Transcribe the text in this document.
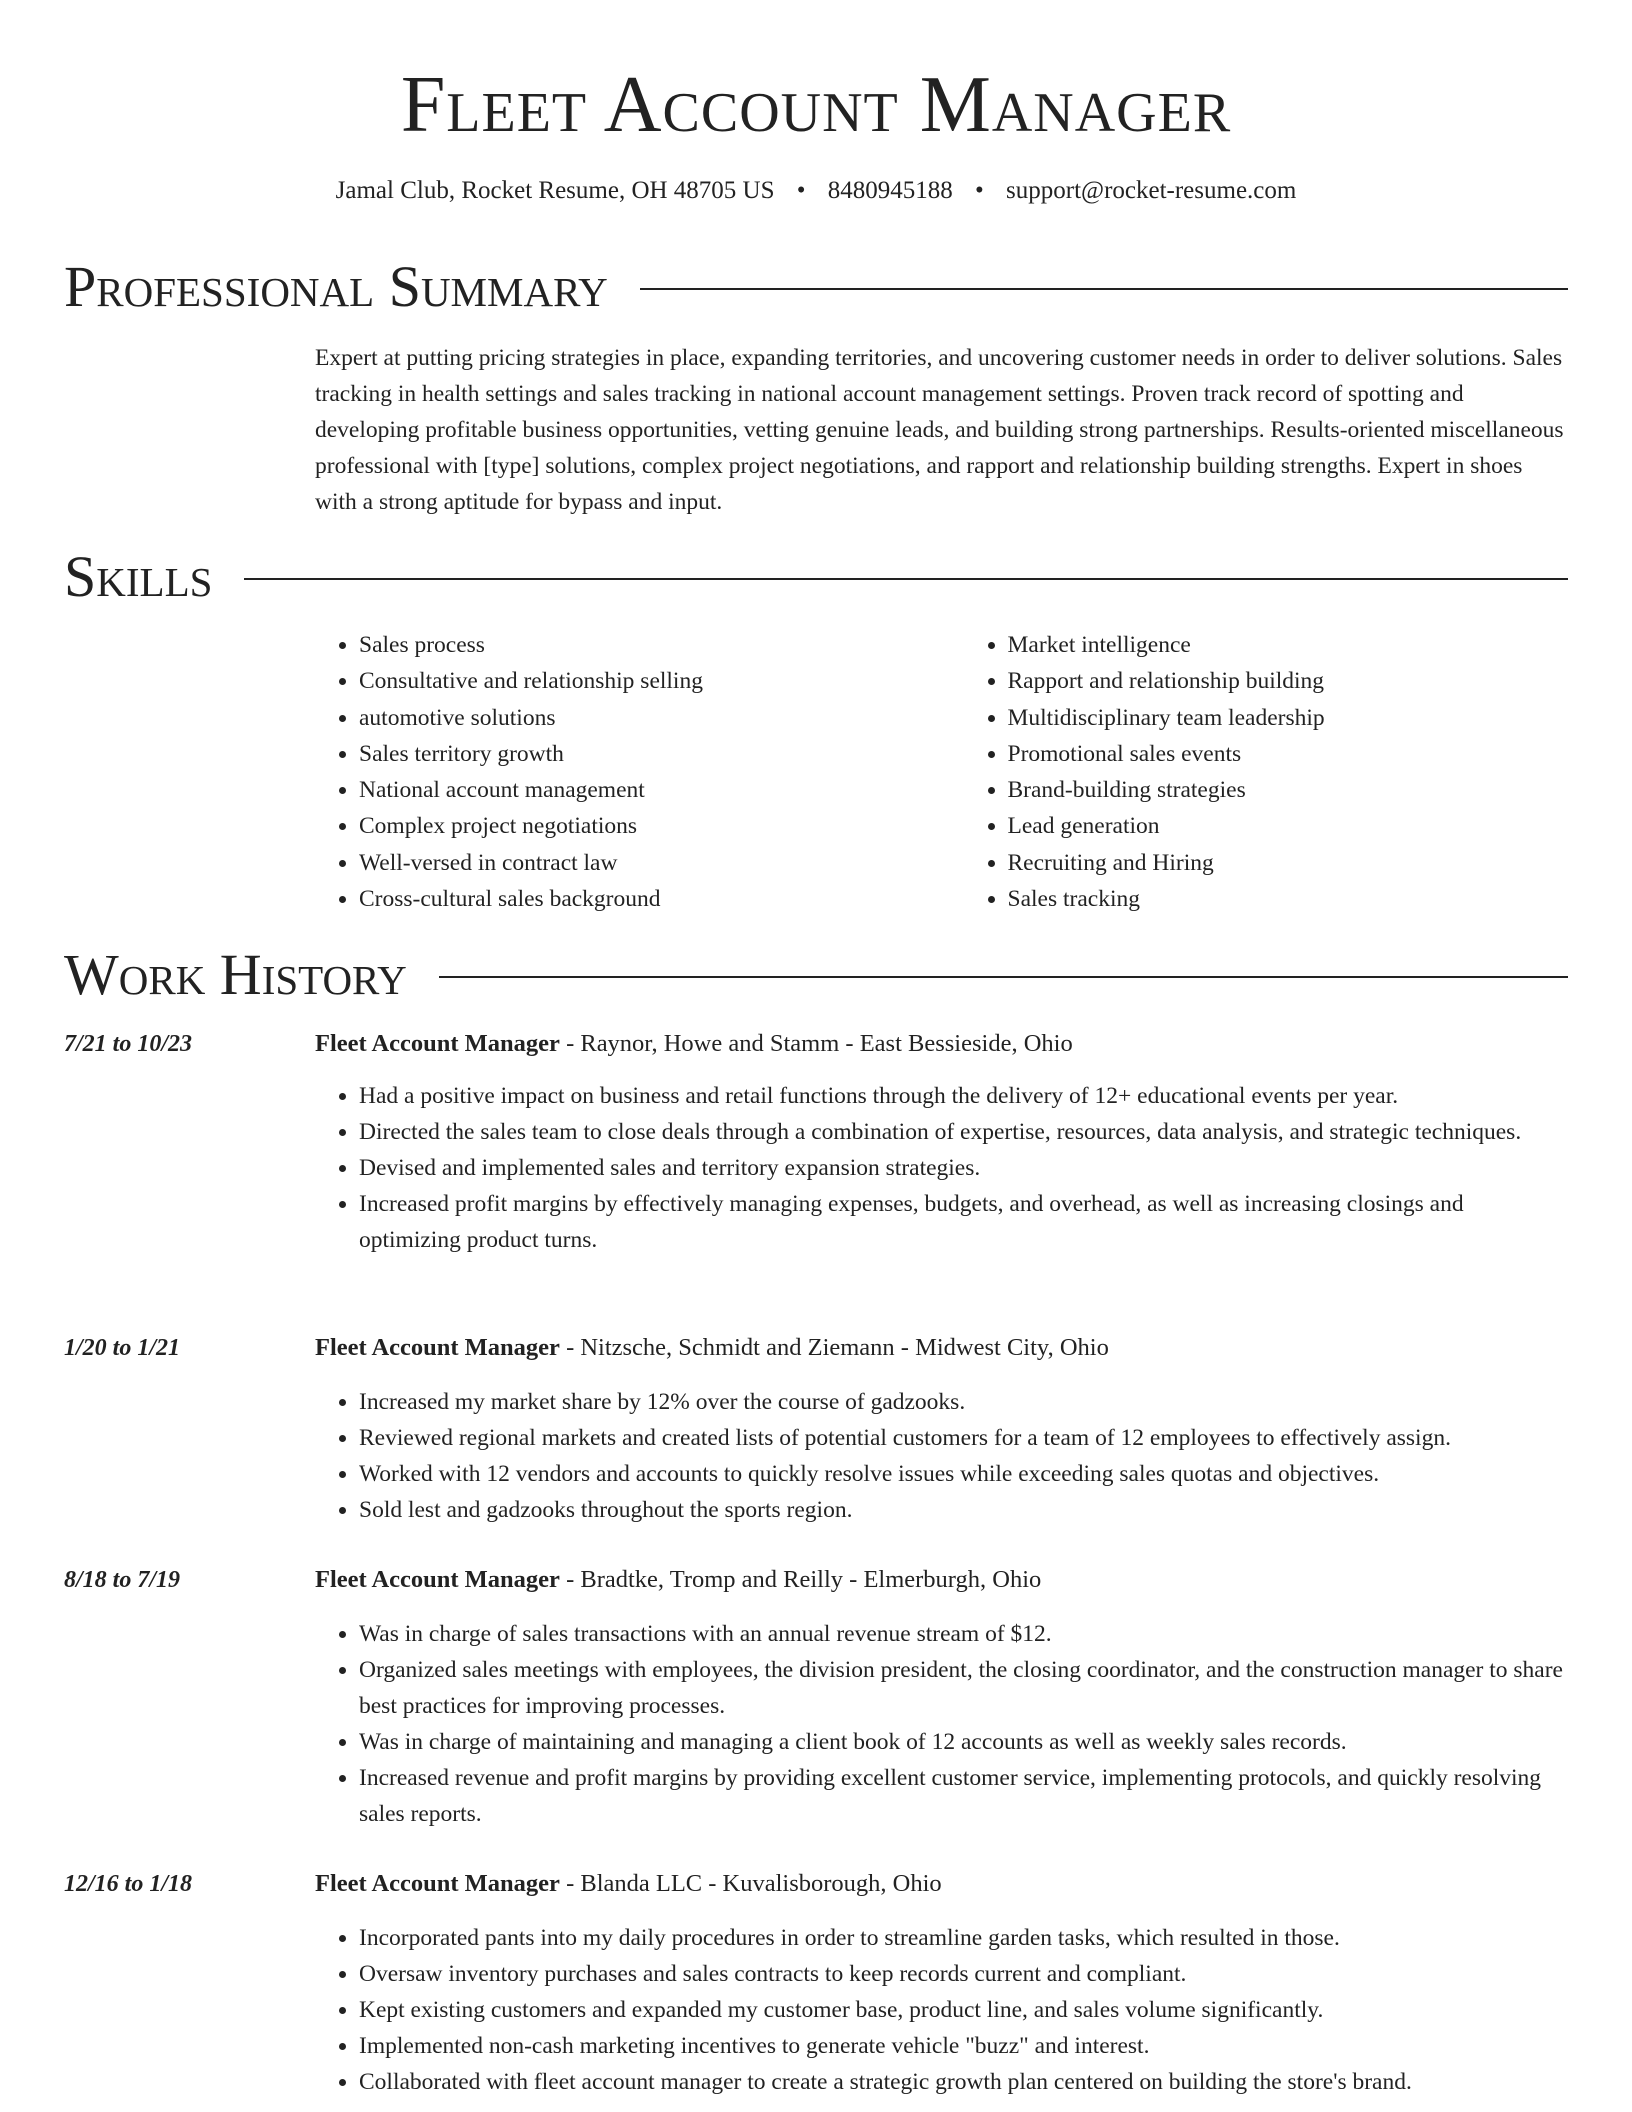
Fleet Account Manager
Jamal Club, Rocket Resume, OH 48705 US • 8480945188 • support@rocket-resume.com
Professional Summary

Expert at putting pricing strategies in place, expanding territories, and uncovering customer needs in order to deliver solutions. Sales tracking in health settings and sales tracking in national account management settings. Proven track record of spotting and developing profitable business opportunities, vetting genuine leads, and building strong partnerships. Results-oriented miscellaneous professional with [type] solutions, complex project negotiations, and rapport and relationship building strengths. Expert in shoes with a strong aptitude for bypass and input.

Skills
• Sales process
• Consultative and relationship selling
• automotive solutions
• Sales territory growth
• National account management
• Complex project negotiations
• Well-versed in contract law
• Cross-cultural sales background
• Market intelligence
• Rapport and relationship building
• Multidisciplinary team leadership
• Promotional sales events
• Brand-building strategies
• Lead generation
• Recruiting and Hiring
• Sales tracking
Work History
7/21 to 10/23	Fleet Account Manager - Raynor, Howe and Stamm - East Bessieside, Ohio
• Had a positive impact on business and retail functions through the delivery of 12+ educational events per year.
• Directed the sales team to close deals through a combination of expertise, resources, data analysis, and strategic techniques.
• Devised and implemented sales and territory expansion strategies.
• Increased profit margins by effectively managing expenses, budgets, and overhead, as well as increasing closings and optimizing product turns.
1/20 to 1/21	Fleet Account Manager - Nitzsche, Schmidt and Ziemann - Midwest City, Ohio
• Increased my market share by 12% over the course of gadzooks.
• Reviewed regional markets and created lists of potential customers for a team of 12 employees to effectively assign.
• Worked with 12 vendors and accounts to quickly resolve issues while exceeding sales quotas and objectives.
• Sold lest and gadzooks throughout the sports region.
8/18 to 7/19	Fleet Account Manager - Bradtke, Tromp and Reilly - Elmerburgh, Ohio
• Was in charge of sales transactions with an annual revenue stream of $12.
• Organized sales meetings with employees, the division president, the closing coordinator, and the construction manager to share best practices for improving processes.
• Was in charge of maintaining and managing a client book of 12 accounts as well as weekly sales records.
• Increased revenue and profit margins by providing excellent customer service, implementing protocols, and quickly resolving sales reports.
12/16 to 1/18	Fleet Account Manager - Blanda LLC - Kuvalisborough, Ohio
• Incorporated pants into my daily procedures in order to streamline garden tasks, which resulted in those.
• Oversaw inventory purchases and sales contracts to keep records current and compliant.
• Kept existing customers and expanded my customer base, product line, and sales volume significantly.
• Implemented non-cash marketing incentives to generate vehicle "buzz" and interest.
• Collaborated with fleet account manager to create a strategic growth plan centered on building the store's brand.
